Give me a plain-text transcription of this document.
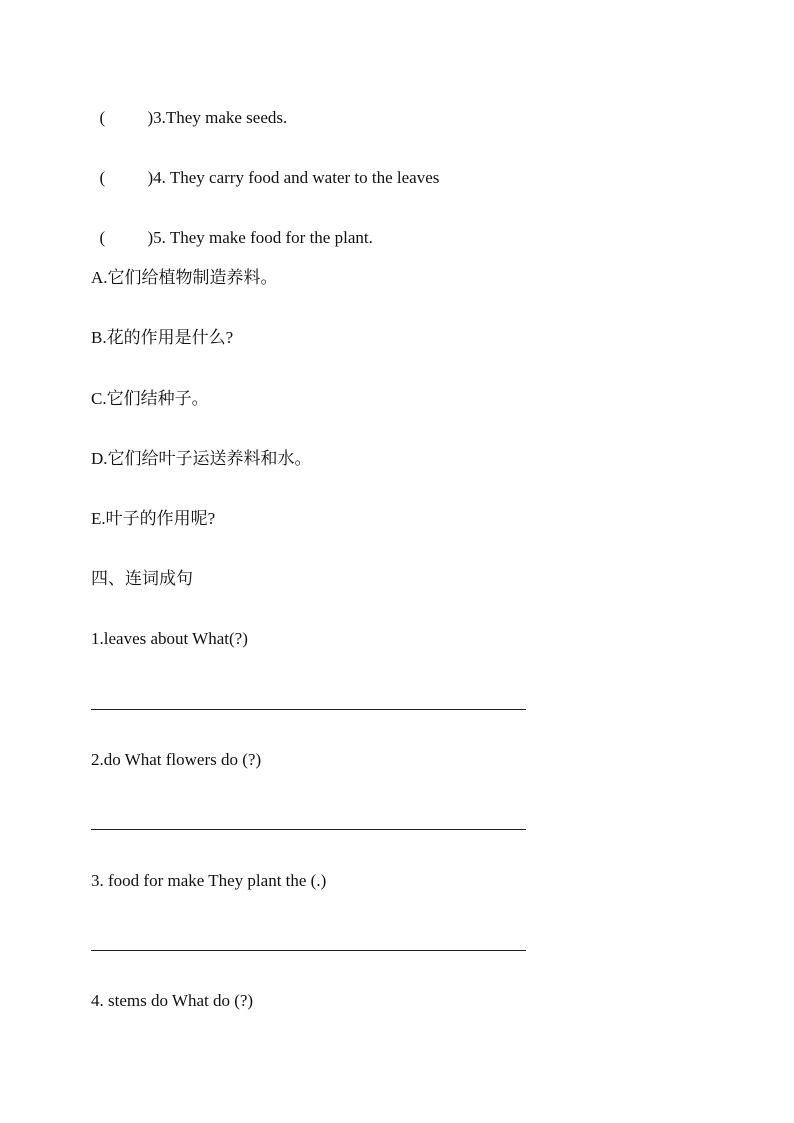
( )3.They make seeds.

( )4. They carry food and water to the leaves

( )5. They make food for the plant.

A.它们给植物制造养料。
B.花的作用是什么?
C.它们结种子。
D.它们给叶子运送养料和水。
E.叶子的作用呢?
四、连词成句
1.leaves about What(?)
2.do What flowers do (?)
3. food for make They plant the (.)
4. stems do What do (?)
